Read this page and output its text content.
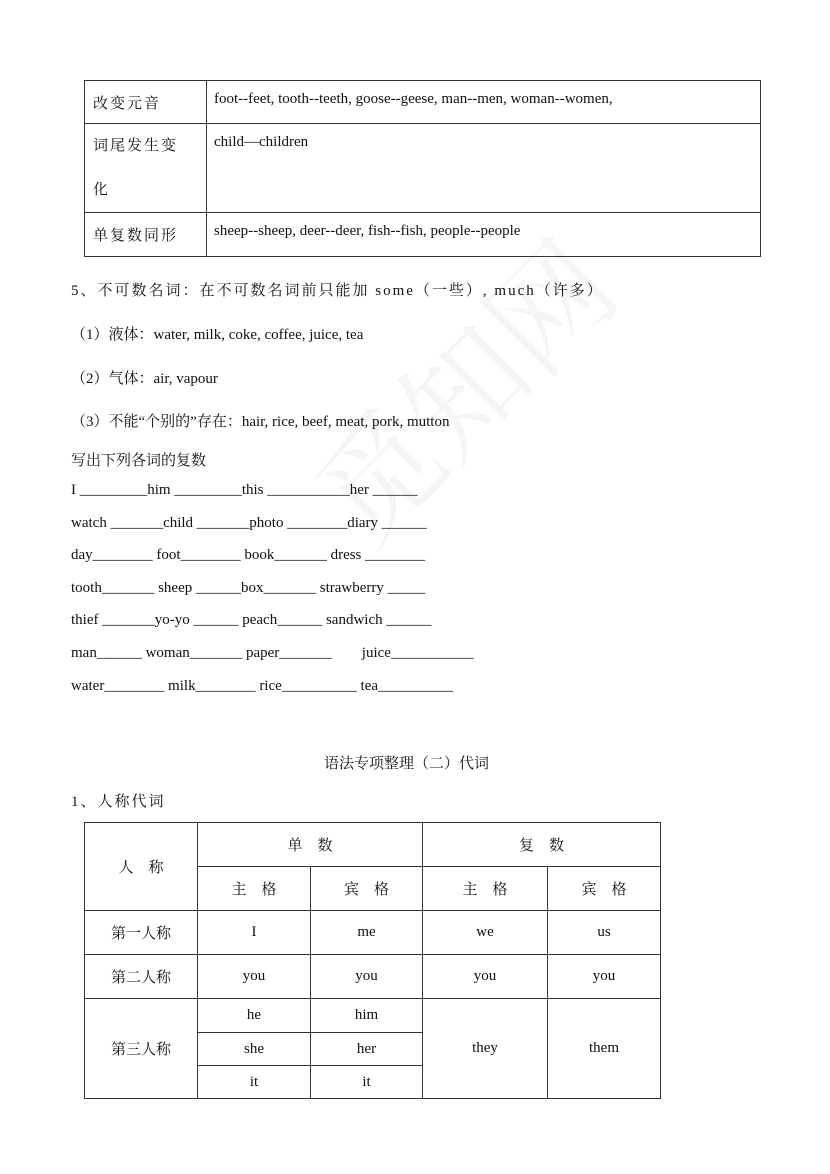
改变元音	foot--feet, tooth--teeth, goose--geese, man--men, woman--women,
词尾发生变
化	child—children
单复数同形	sheep--sheep, deer--deer, fish--fish, people--people
5、不可数名词：在不可数名词前只能加 some（一些）, much（许多）
（1）液体：water, milk, coke, coffee, juice, tea
（2）气体：air, vapour
（3）不能“个别的”存在：hair, rice, beef, meat, pork, mutton
写出下列各词的复数
I _________him _________this ___________her ______
watch _______child _______photo ________diary ______
day________ foot________ book_______ dress ________
tooth_______ sheep ______box_______ strawberry _____
thief _______yo-yo ______ peach______ sandwich ______
man______ woman_______ paper_______        juice___________
water________ milk________ rice__________ tea__________
语法专项整理（二）代词
1、人称代词
人　称	单　数		复　数	
	主　格	宾　格	主　格	宾　格
第一人称	I	me	we	us
第二人称	you	you	you	you
第三人称	he	him	they	them
	she	her		
	it	it		
